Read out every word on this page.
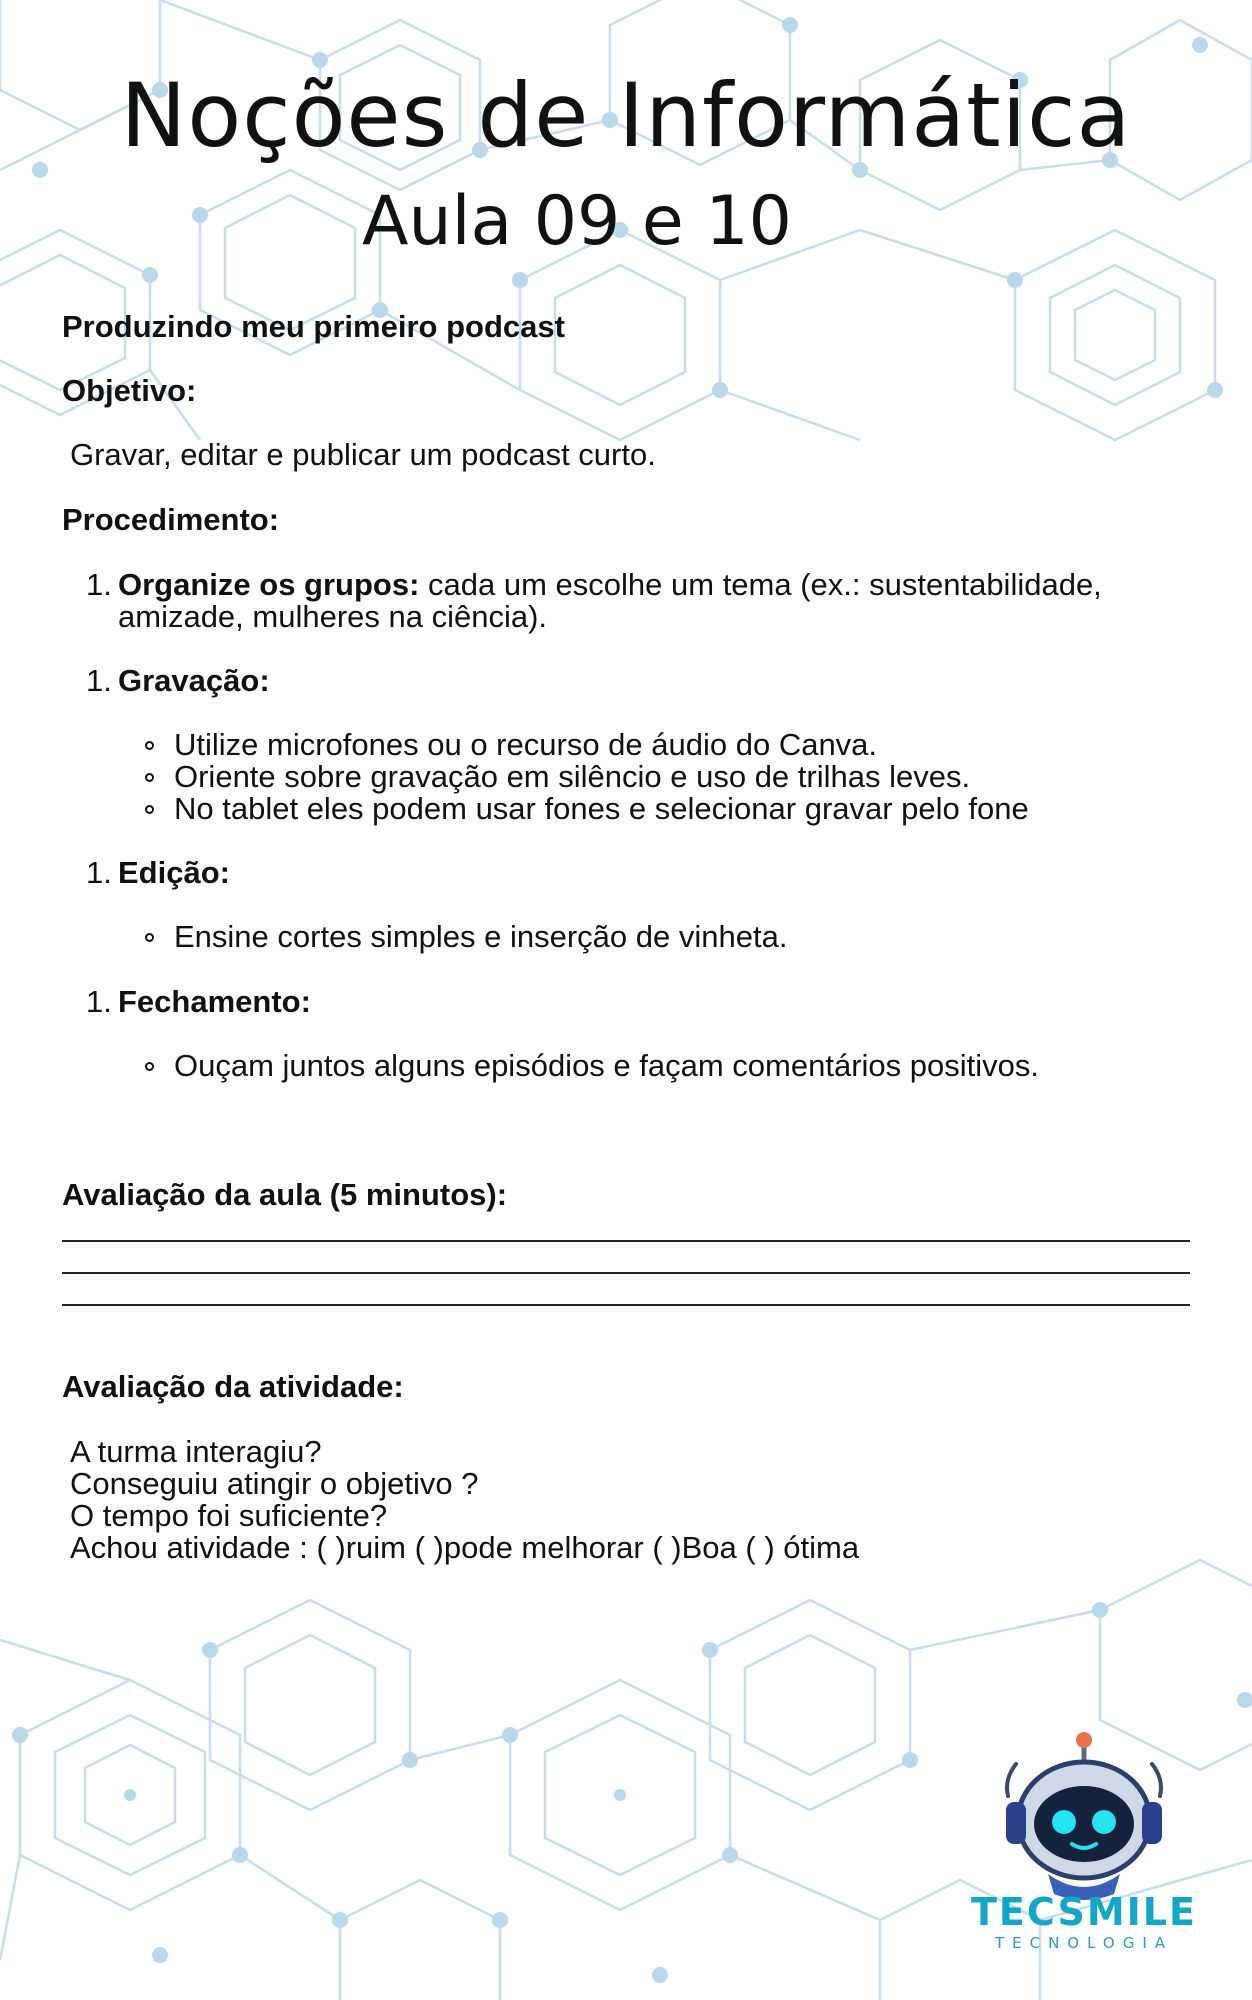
Noções de Informática
Aula 09 e 10
Produzindo meu primeiro podcast
Objetivo:
Gravar, editar e publicar um podcast curto.
Procedimento:
1. Organize os grupos: cada um escolhe um tema (ex.: sustentabilidade,
amizade, mulheres na ciência).
1. Gravação:
Utilize microfones ou o recurso de áudio do Canva.
Oriente sobre gravação em silêncio e uso de trilhas leves.
No tablet eles podem usar fones e selecionar gravar pelo fone
1. Edição:
Ensine cortes simples e inserção de vinheta.
1. Fechamento:
Ouçam juntos alguns episódios e façam comentários positivos.
Avaliação da aula (5 minutos):
Avaliação da atividade:
A turma interagiu?
Conseguiu atingir o objetivo ?
O tempo foi suficiente?
Achou atividade : ( )ruim ( )pode melhorar ( )Boa ( ) ótima
TECSMILE
TECNOLOGIA
